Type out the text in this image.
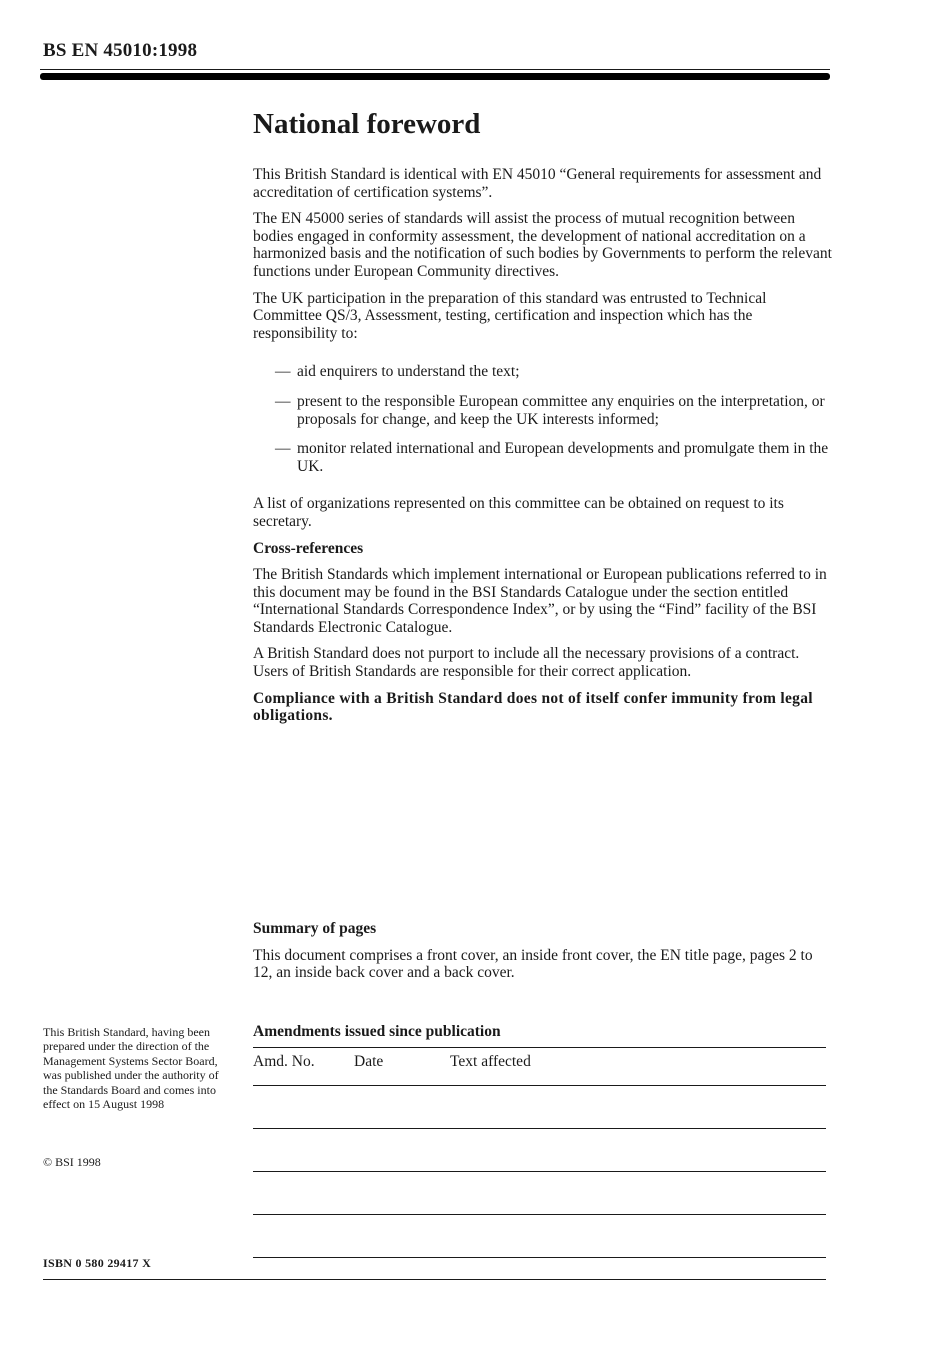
BS EN 45010:1998
National foreword

This British Standard is identical with EN 45010 “General requirements for assessment and accreditation of certification systems”.

The EN 45000 series of standards will assist the process of mutual recognition between bodies engaged in conformity assessment, the development of national accreditation on a harmonized basis and the notification of such bodies by Governments to perform the relevant functions under European Community directives.

The UK participation in the preparation of this standard was entrusted to Technical Committee QS/3, Assessment, testing, certification and inspection which has the responsibility to:

— aid enquirers to understand the text;
— present to the responsible European committee any enquiries on the interpretation, or proposals for change, and keep the UK interests informed;
— monitor related international and European developments and promulgate them in the UK.

A list of organizations represented on this committee can be obtained on request to its secretary.

Cross-references

The British Standards which implement international or European publications referred to in this document may be found in the BSI Standards Catalogue under the section entitled “International Standards Correspondence Index”, or by using the “Find” facility of the BSI Standards Electronic Catalogue.

A British Standard does not purport to include all the necessary provisions of a contract. Users of British Standards are responsible for their correct application.

Compliance with a British Standard does not of itself confer immunity from legal obligations.

Summary of pages

This document comprises a front cover, an inside front cover, the EN title page, pages 2 to 12, an inside back cover and a back cover.

Amendments issued since publication
Amd. No.	Date	Text affected
This British Standard, having been prepared under the direction of the Management Systems Sector Board, was published under the authority of the Standards Board and comes into effect on 15 August 1998
© BSI 1998
ISBN 0 580 29417 X
